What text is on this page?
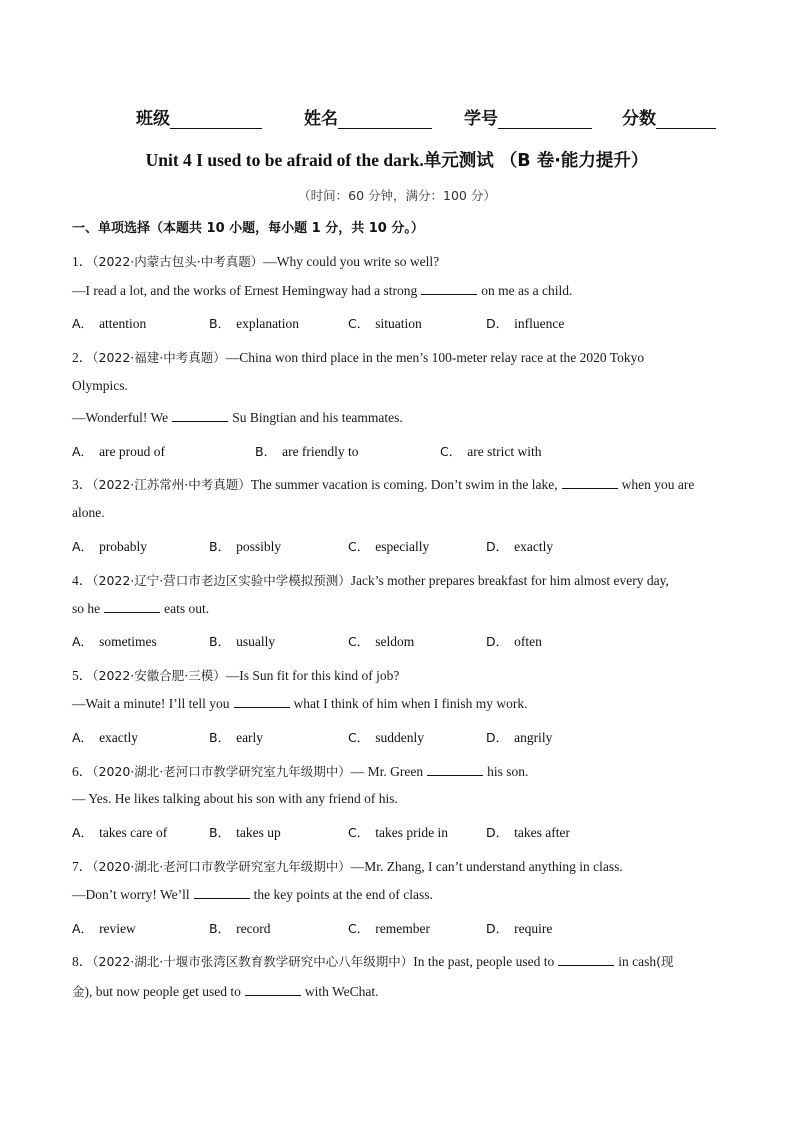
班级	姓名	学号	分数
Unit 4 I used to be afraid of the dark.单元测试 （B 卷·能力提升）
（时间：60 分钟，满分：100 分）
一、单项选择（本题共 10 小题，每小题 1 分，共 10 分。）
1．（2022·内蒙古包头·中考真题）—Why could you write so well?
—I read a lot, and the works of Ernest Hemingway had a strong	on me as a child.
A． attention	B． explanation	C． situation	D． influence
2．（2022·福建·中考真题）—China won third place in the men’s 100-meter relay race at the 2020 Tokyo
Olympics.
—Wonderful! We	Su Bingtian and his teammates.
A． are proud of	B． are friendly to	C． are strict with
3．（2022·江苏常州·中考真题）The summer vacation is coming. Don’t swim in the lake,	when you are
alone.
A． probably	B． possibly	C． especially	D． exactly
4．（2022·辽宁·营口市老边区实验中学模拟预测）Jack’s mother prepares breakfast for him almost every day,
so he	eats out.
A． sometimes	B． usually	C． seldom	D． often
5．（2022·安徽合肥·三模）—Is Sun fit for this kind of job?
—Wait a minute! I’ll tell you	what I think of him when I finish my work.
A． exactly	B． early	C． suddenly	D． angrily
6．（2020·湖北·老河口市教学研究室九年级期中）— Mr. Green	his son.
— Yes. He likes talking about his son with any friend of his.
A． takes care of	B． takes up	C． takes pride in	D． takes after
7．（2020·湖北·老河口市教学研究室九年级期中）—Mr. Zhang, I can’t understand anything in class.
—Don’t worry! We’ll	the key points at the end of class.
A． review	B． record	C． remember	D． require
8．（2022·湖北·十堰市张湾区教育教学研究中心八年级期中）In the past, people used to	in cash(现
金), but now people get used to	with WeChat.
